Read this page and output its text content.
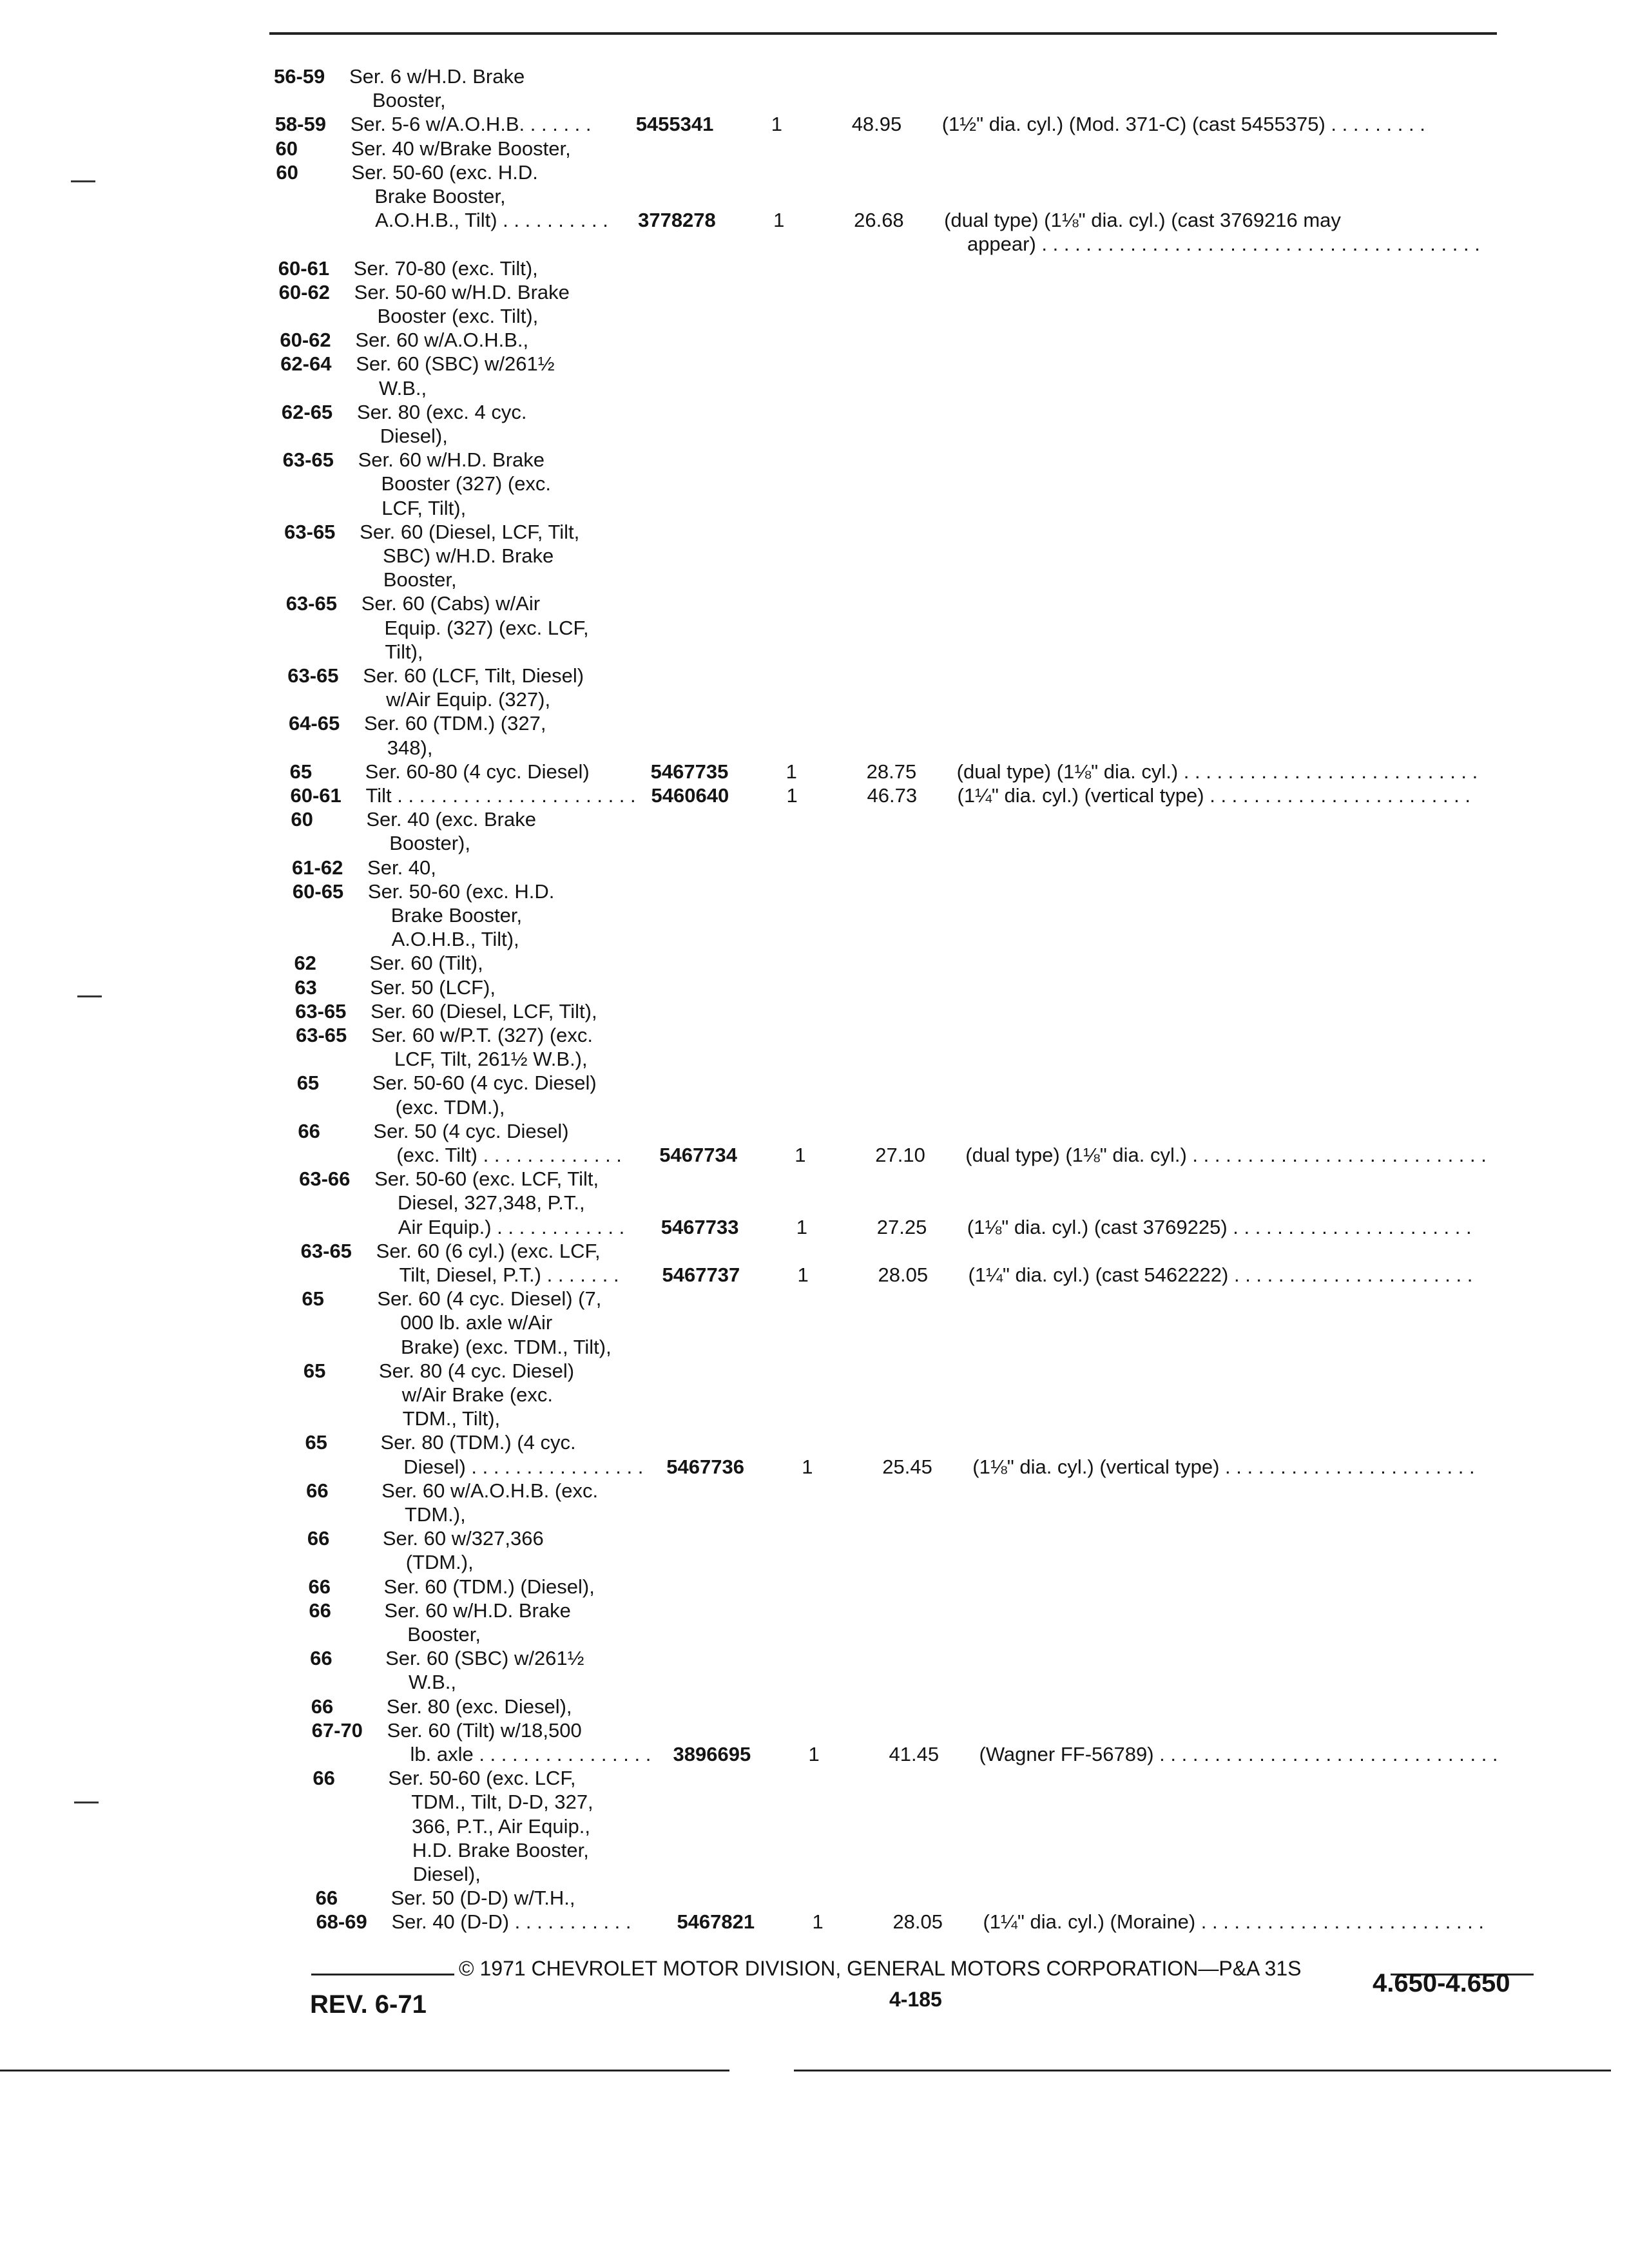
56-59 Ser. 6 w/H.D. Brake
Booster,
58-59 Ser. 5-6 w/A.O.H.B. . . . . . . 5455341	1	48.95 (1½" dia. cyl.) (Mod. 371-C) (cast 5455375) . . . . . . . . .
60	Ser. 40 w/Brake Booster,
60	Ser. 50-60 (exc. H.D.
Brake Booster,
A.O.H.B., Tilt) . . . . . . . . . . 3778278	1	26.68 (dual type) (1⅛" dia. cyl.) (cast 3769216 may
appear) . . . . . . . . . . . . . . . . . . . . . . . . . . . . . . . . . . . . . . . .
60-61 Ser. 70-80 (exc. Tilt),
60-62 Ser. 50-60 w/H.D. Brake
Booster (exc. Tilt),
60-62 Ser. 60 w/A.O.H.B.,
62-64 Ser. 60 (SBC) w/261½
W.B.,
62-65 Ser. 80 (exc. 4 cyc.
Diesel),
63-65 Ser. 60 w/H.D. Brake
Booster (327) (exc.
LCF, Tilt),
63-65 Ser. 60 (Diesel, LCF, Tilt,
SBC) w/H.D. Brake
Booster,
63-65 Ser. 60 (Cabs) w/Air
Equip. (327) (exc. LCF,
Tilt),
63-65 Ser. 60 (LCF, Tilt, Diesel)
w/Air Equip. (327),
64-65 Ser. 60 (TDM.) (327,
348),
65	Ser. 60-80 (4 cyc. Diesel)	5467735	1	28.75 (dual type) (1⅛" dia. cyl.) . . . . . . . . . . . . . . . . . . . . . . . . . . .
60-61 Tilt . . . . . . . . . . . . . . . . . . . . . . 5460640	1	46.73 (1¼" dia. cyl.) (vertical type) . . . . . . . . . . . . . . . . . . . . . . . .
60	Ser. 40 (exc. Brake
Booster),
61-62 Ser. 40,
60-65 Ser. 50-60 (exc. H.D.
Brake Booster,
A.O.H.B., Tilt),
62	Ser. 60 (Tilt),
63	Ser. 50 (LCF),
63-65 Ser. 60 (Diesel, LCF, Tilt),
63-65 Ser. 60 w/P.T. (327) (exc.
LCF, Tilt, 261½ W.B.),
65	Ser. 50-60 (4 cyc. Diesel)
(exc. TDM.),
66	Ser. 50 (4 cyc. Diesel)
(exc. Tilt) . . . . . . . . . . . . . 5467734	1	27.10 (dual type) (1⅛" dia. cyl.) . . . . . . . . . . . . . . . . . . . . . . . . . . .
63-66 Ser. 50-60 (exc. LCF, Tilt,
Diesel, 327,348, P.T.,
Air Equip.) . . . . . . . . . . . . 5467733	1	27.25 (1⅛" dia. cyl.) (cast 3769225) . . . . . . . . . . . . . . . . . . . . . .
63-65 Ser. 60 (6 cyl.) (exc. LCF,
Tilt, Diesel, P.T.) . . . . . . . 5467737	1	28.05 (1¼" dia. cyl.) (cast 5462222) . . . . . . . . . . . . . . . . . . . . . .
65	Ser. 60 (4 cyc. Diesel) (7,
000 lb. axle w/Air
Brake) (exc. TDM., Tilt),
65	Ser. 80 (4 cyc. Diesel)
w/Air Brake (exc.
TDM., Tilt),
65	Ser. 80 (TDM.) (4 cyc.
Diesel) . . . . . . . . . . . . . . . . 5467736	1	25.45 (1⅛" dia. cyl.) (vertical type) . . . . . . . . . . . . . . . . . . . . . . .
66	Ser. 60 w/A.O.H.B. (exc.
TDM.),
66	Ser. 60 w/327,366
(TDM.),
66	Ser. 60 (TDM.) (Diesel),
66	Ser. 60 w/H.D. Brake
Booster,
66	Ser. 60 (SBC) w/261½
W.B.,
66	Ser. 80 (exc. Diesel),
67-70 Ser. 60 (Tilt) w/18,500
lb. axle . . . . . . . . . . . . . . . . 3896695	1	41.45 (Wagner FF-56789) . . . . . . . . . . . . . . . . . . . . . . . . . . . . . . .
66	Ser. 50-60 (exc. LCF,
TDM., Tilt, D-D, 327,
366, P.T., Air Equip.,
H.D. Brake Booster,
Diesel),
66	Ser. 50 (D-D) w/T.H.,
68-69 Ser. 40 (D-D) . . . . . . . . . . . 5467821	1	28.05 (1¼" dia. cyl.) (Moraine) . . . . . . . . . . . . . . . . . . . . . . . . . .
© 1971 CHEVROLET MOTOR DIVISION, GENERAL MOTORS CORPORATION—P&A 31S
REV. 6-71	4-185
4.650-4.650
